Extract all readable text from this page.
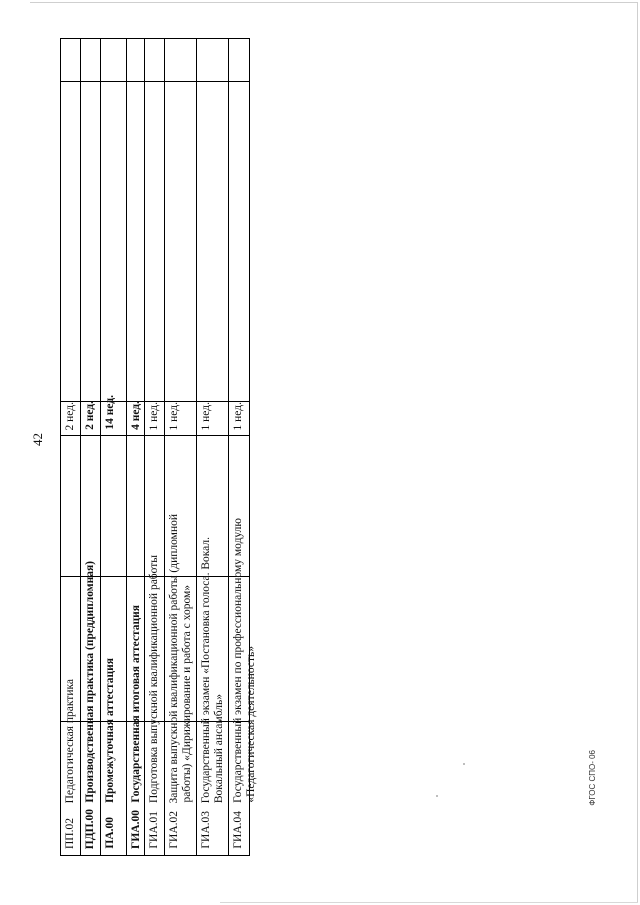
42
ПП.02
Педагогическая практика
2 нед.
ПДП.00
Производственная практика (преддипломная)
2 нед.
ПА.00
Промежуточная аттестация
14 нед.
ГИА.00
Государственная итоговая аттестация
4 нед.
ГИА.01
Подготовка выпускной квалификационной работы
1 нед.
ГИА.02
Защита выпускной квалификационной работы (дипломной работы) «Дирижирование и работа с хором»
1 нед.
ГИА.03
Государственный экзамен «Постановка голоса. Вокал. Вокальный ансамбль»
1 нед.
ГИА.04
Государственный экзамен по профессиональному модулю «Педагогическая деятельность»
1 нед.
ФГОС СПО- 06
